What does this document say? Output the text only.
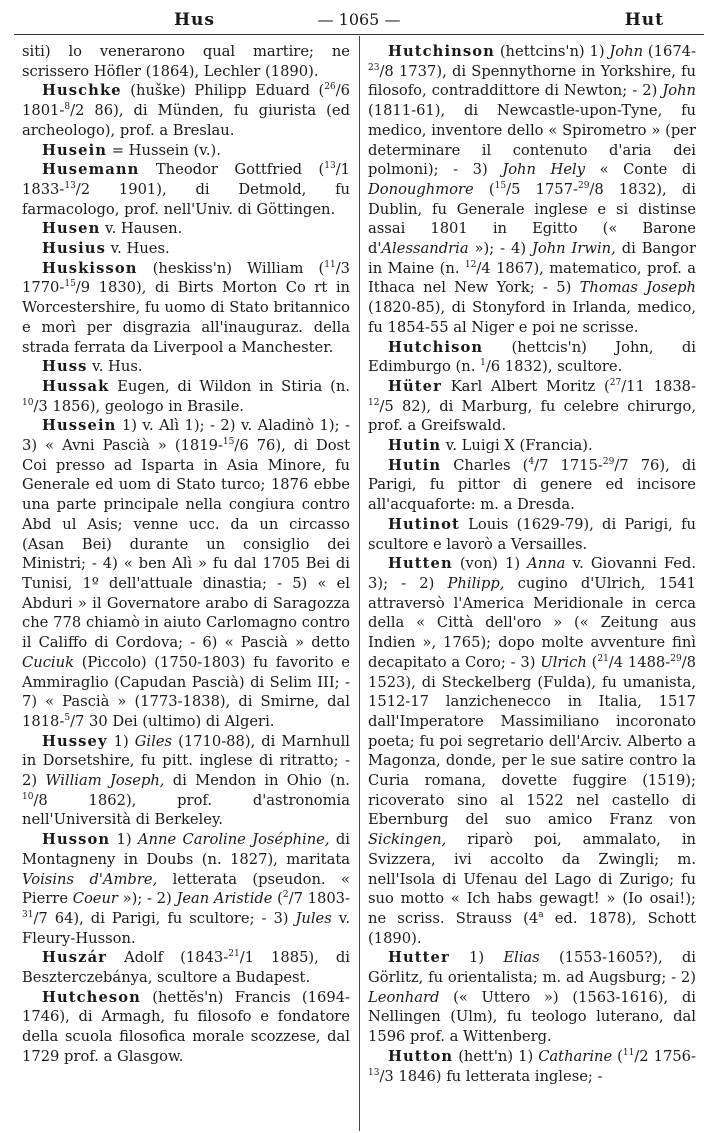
Hus	— 1065 —	Hut

siti) lo venerarono qual martire; ne scrissero Höfler (1864), Lechler (1890).

Huschke (huške) Philipp Eduard ($^{26}$/6 1801-$^8$/2 86), di Münden, fu giurista (ed archeologo), prof. a Breslau.

Husein = Hussein (v.).

Husemann Theodor Gottfried ($^{13}$/1 1833-$^{13}$/2 1901), di Detmold, fu farmacologo, prof. nell'Univ. di Göttingen.

Husen v. Hausen.

Husius v. Hues.

Huskisson (heskiss'n) William ($^{11}$/3 1770-$^{15}$/9 1830), di Birts Morton Co rt in Worcestershire, fu uomo di Stato britannico e morì per disgrazia all'inauguraz. della strada ferrata da Liverpool a Manchester.

Huss v. Hus.

Hussak Eugen, di Wildon in Stiria (n. $^{10}$/3 1856), geologo in Brasile.

Hussein 1) v. Alì 1); - 2) v. Aladinò 1); - 3) « Avni Pascià » (1819-$^{15}$/6 76), di Dost Coi presso ad Isparta in Asia Minore, fu Generale ed uom di Stato turco; 1876 ebbe una parte principale nella congiura contro Abd ul Asis; venne ucc. da un circasso (Asan Bei) durante un consiglio dei Ministri; - 4) « ben Alì » fu dal 1705 Bei di Tunisi, 1º dell'attuale dinastia; - 5) « el Abduri » il Governatore arabo di Saragozza che 778 chiamò in aiuto Carlomagno contro il Califfo di Cordova; - 6) « Pascià » detto Cuciuk (Piccolo) (1750-1803) fu favorito e Ammiraglio (Capudan Pascià) di Selim III; - 7) « Pascià » (1773-1838), di Smirne, dal 1818-$^5$/7 30 Dei (ultimo) di Algeri.

Hussey 1) Giles (1710-88), di Marnhull in Dorsetshire, fu pitt. inglese di ritratto; - 2) William Joseph, di Mendon in Ohio (n. $^{10}$/8 1862), prof. d'astronomia nell'Università di Berkeley.

Husson 1) Anne Caroline Joséphine, di Montagneny in Doubs (n. 1827), maritata Voisins d'Ambre, letterata (pseudon. « Pierre Coeur »); - 2) Jean Aristide ($^2$/7 1803-$^{31}$/7 64), di Parigi, fu scultore; - 3) Jules v. Fleury-Husson.

Huszár Adolf (1843-$^{21}$/1 1885), di Beszterczebánya, scultore a Budapest.

Hutcheson (hettĕs'n) Francis (1694-1746), di Armagh, fu filosofo e fondatore della scuola filosofica morale scozzese, dal 1729 prof. a Glasgow.

Hutchinson (hettcins'n) 1) John (1674-$^{23}$/8 1737), di Spennythorne in Yorkshire, fu filosofo, contraddittore di Newton; - 2) John (1811-61), di Newcastle-upon-Tyne, fu medico, inventore dello « Spirometro » (per determinare il contenuto d'aria dei polmoni); - 3) John Hely « Conte di Donoughmore ($^{15}$/5 1757-$^{29}$/8 1832), di Dublin, fu Generale inglese e si distinse assai 1801 in Egitto (« Barone d'Alessandria »); - 4) John Irwin, di Bangor in Maine (n. $^{12}$/4 1867), matematico, prof. a Ithaca nel New York; - 5) Thomas Joseph (1820-85), di Stonyford in Irlanda, medico, fu 1854-55 al Niger e poi ne scrisse.

Hutchison (hettcis'n) John, di Edimburgo (n. $^1$/6 1832), scultore.

Hüter Karl Albert Moritz ($^{27}$/11 1838-$^{12}$/5 82), di Marburg, fu celebre chirurgo, prof. a Greifswald.

Hutin v. Luigi X (Francia).

Hutin Charles ($^4$/7 1715-$^{29}$/7 76), di Parigi, fu pittor di genere ed incisore all'acquaforte: m. a Dresda.

Hutinot Louis (1629-79), di Parigi, fu scultore e lavorò a Versailles.

Hutten (von) 1) Anna v. Giovanni Fed. 3); - 2) Philipp, cugino d'Ulrich, 1541 attraversò l'America Meridionale in cerca della « Città dell'oro » (« Zeitung aus Indien », 1765); dopo molte avventure finì decapitato a Coro; - 3) Ulrich ($^{21}$/4 1488-$^{29}$/8 1523), di Steckelberg (Fulda), fu umanista, 1512-17 lanzichenecco in Italia, 1517 dall'Imperatore Massimiliano incoronato poeta; fu poi segretario dell'Arciv. Alberto a Magonza, donde, per le sue satire contro la Curia romana, dovette fuggire (1519); ricoverato sino al 1522 nel castello di Ebernburg del suo amico Franz von Sickingen, riparò poi, ammalato, in Svizzera, ivi accolto da Zwingli; m. nell'Isola di Ufenau del Lago di Zurigo; fu suo motto « Ich habs gewagt! » (Io osai!); ne scriss. Strauss (4$^a$ ed. 1878), Schott (1890).

Hutter 1) Elias (1553-1605?), di Görlitz, fu orientalista; m. ad Augsburg; - 2) Leonhard (« Uttero ») (1563-1616), di Nellingen (Ulm), fu teologo luterano, dal 1596 prof. a Wittenberg.

Hutton (hett'n) 1) Catharine ($^{11}$/2 1756-$^{13}$/3 1846) fu letterata inglese; -
